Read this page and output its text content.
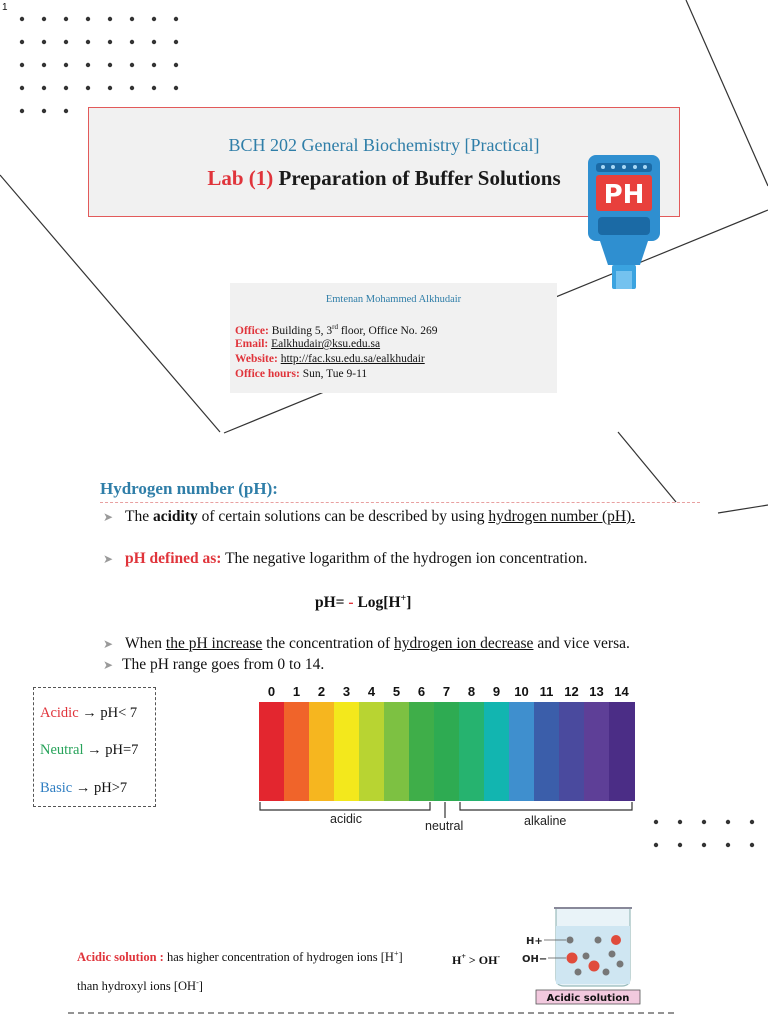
1
BCH 202 General Biochemistry [Practical]
Lab (1) Preparation of Buffer Solutions
PH
Emtenan Mohammed Alkhudair
Office: Building 5, 3rd floor, Office No. 269
Email: Ealkhudair@ksu.edu.sa
Website: http://fac.ksu.edu.sa/ealkhudair
Office hours: Sun, Tue 9-11
Hydrogen number (pH):
➤ The acidity of certain solutions can be described by using hydrogen number (pH).
➤ pH defined as: The negative logarithm of the hydrogen ion concentration.
pH= - Log[H+]
➤ When the pH increase the concentration of hydrogen ion decrease and vice versa.
➤ The pH range goes from 0 to 14.
Acidic → pH< 7
Neutral → pH=7
Basic → pH>7
0	1	2	3	4	5	6	7	8	9	10 11 12 13 14
acidic	neutral	alkaline
Acidic solution : has higher concentration of hydrogen ions [H+] than hydroxyl ions [OH-]
H+ > OH-
H+
OH−
Acidic solution
